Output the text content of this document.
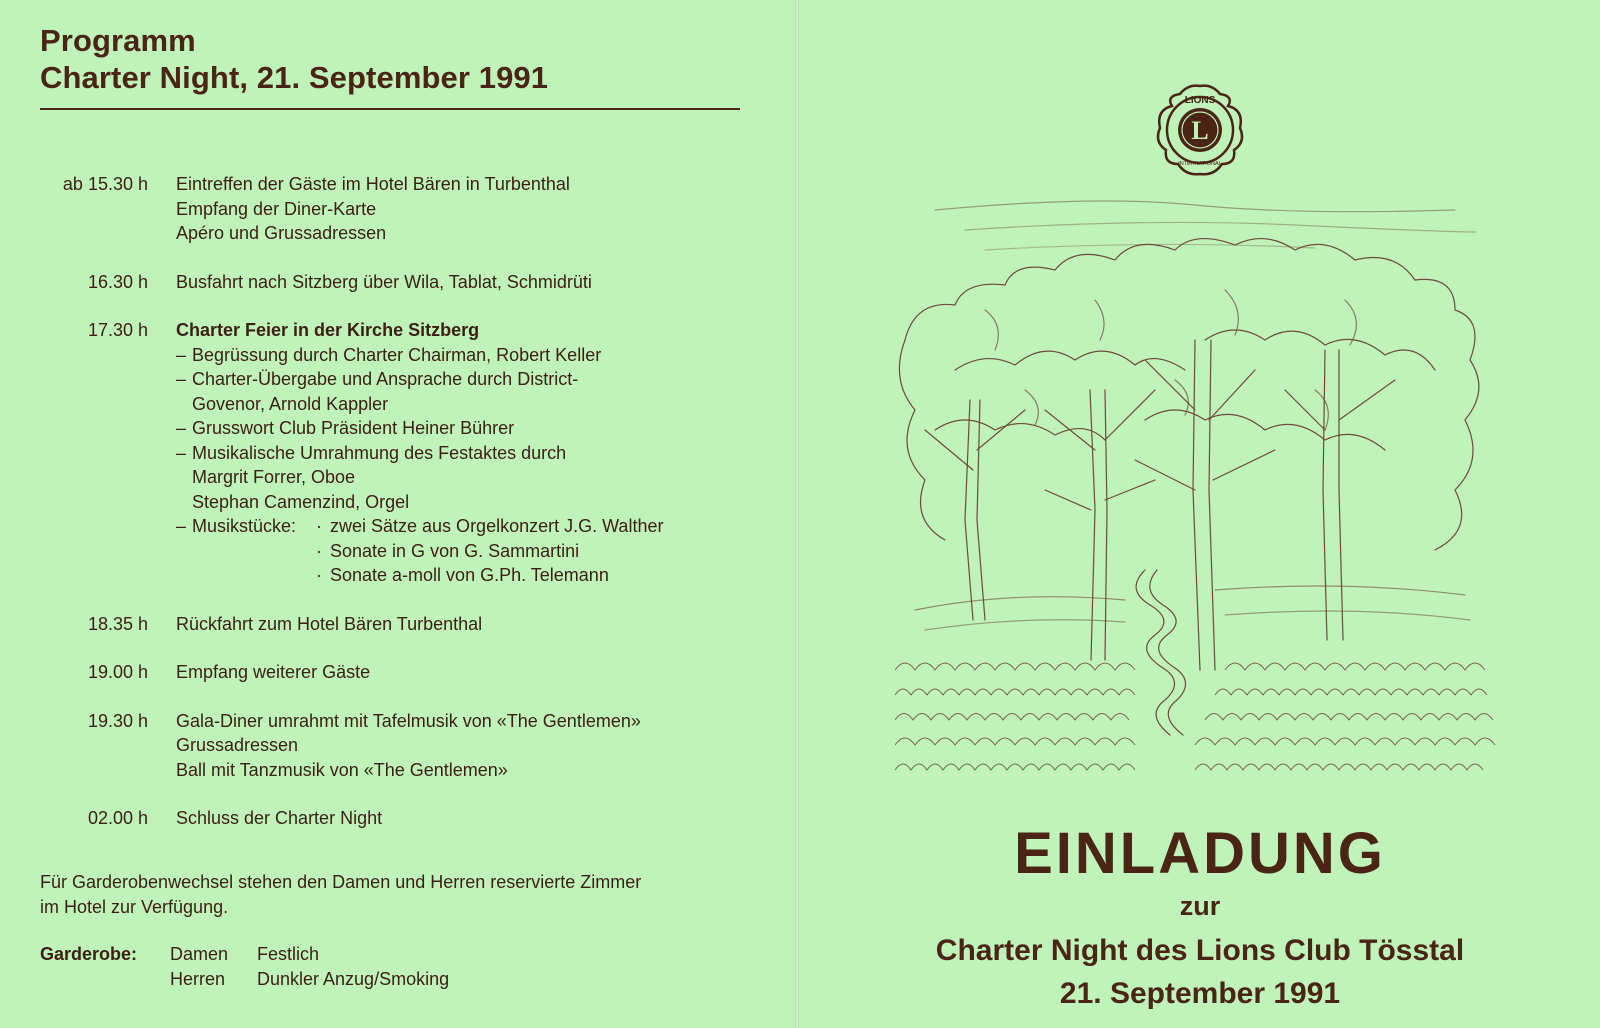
Programm
Charter Night, 21. September 1991
ab 15.30 h Eintreffen der Gäste im Hotel Bären in Turbenthal
Empfang der Diner-Karte
Apéro und Grussadressen
16.30 h Busfahrt nach Sitzberg über Wila, Tablat, Schmidrüti
17.30 h Charter Feier in der Kirche Sitzberg
– Begrüssung durch Charter Chairman, Robert Keller
– Charter-Übergabe und Ansprache durch District-
Govenor, Arnold Kappler
– Grusswort Club Präsident Heiner Bührer
– Musikalische Umrahmung des Festaktes durch
Margrit Forrer, Oboe
Stephan Camenzind, Orgel
– Musikstücke: · zwei Sätze aus Orgelkonzert J.G. Walther
· Sonate in G von G. Sammartini
· Sonate a-moll von G.Ph. Telemann
18.35 h Rückfahrt zum Hotel Bären Turbenthal
19.00 h Empfang weiterer Gäste
19.30 h Gala-Diner umrahmt mit Tafelmusik von «The Gentlemen»
Grussadressen
Ball mit Tanzmusik von «The Gentlemen»
02.00 h Schluss der Charter Night
Für Garderobenwechsel stehen den Damen und Herren reservierte Zimmer
im Hotel zur Verfügung.
Garderobe: Damen Festlich
Herren Dunkler Anzug/Smoking
L
LIONS
INTERNATIONAL
EINLADUNG
zur
Charter Night des Lions Club Tösstal
21. September 1991
